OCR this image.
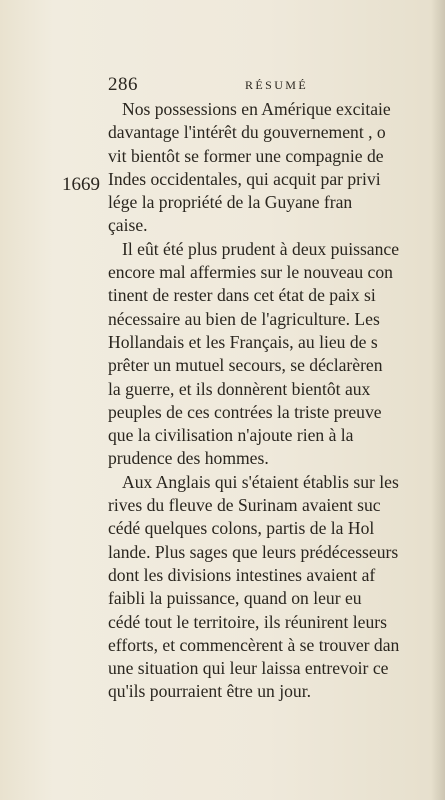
286	RÉSUMÉ
1669
Nos possessions en Amérique excitaie
davantage l'intérêt du gouvernement , o
vit bientôt se former une compagnie de
Indes occidentales, qui acquit par privi
lége la propriété de la Guyane fran
çaise.
Il eût été plus prudent à deux puissance
encore mal affermies sur le nouveau con
tinent de rester dans cet état de paix si
nécessaire au bien de l'agriculture. Les
Hollandais et les Français, au lieu de s
prêter un mutuel secours, se déclarèren
la guerre, et ils donnèrent bientôt aux
peuples de ces contrées la triste preuve
que la civilisation n'ajoute rien à la
prudence des hommes.
Aux Anglais qui s'étaient établis sur les
rives du fleuve de Surinam avaient suc
cédé quelques colons, partis de la Hol
lande. Plus sages que leurs prédécesseurs
dont les divisions intestines avaient af
faibli la puissance, quand on leur eu
cédé tout le territoire, ils réunirent leurs
efforts, et commencèrent à se trouver dan
une situation qui leur laissa entrevoir ce
qu'ils pourraient être un jour.
